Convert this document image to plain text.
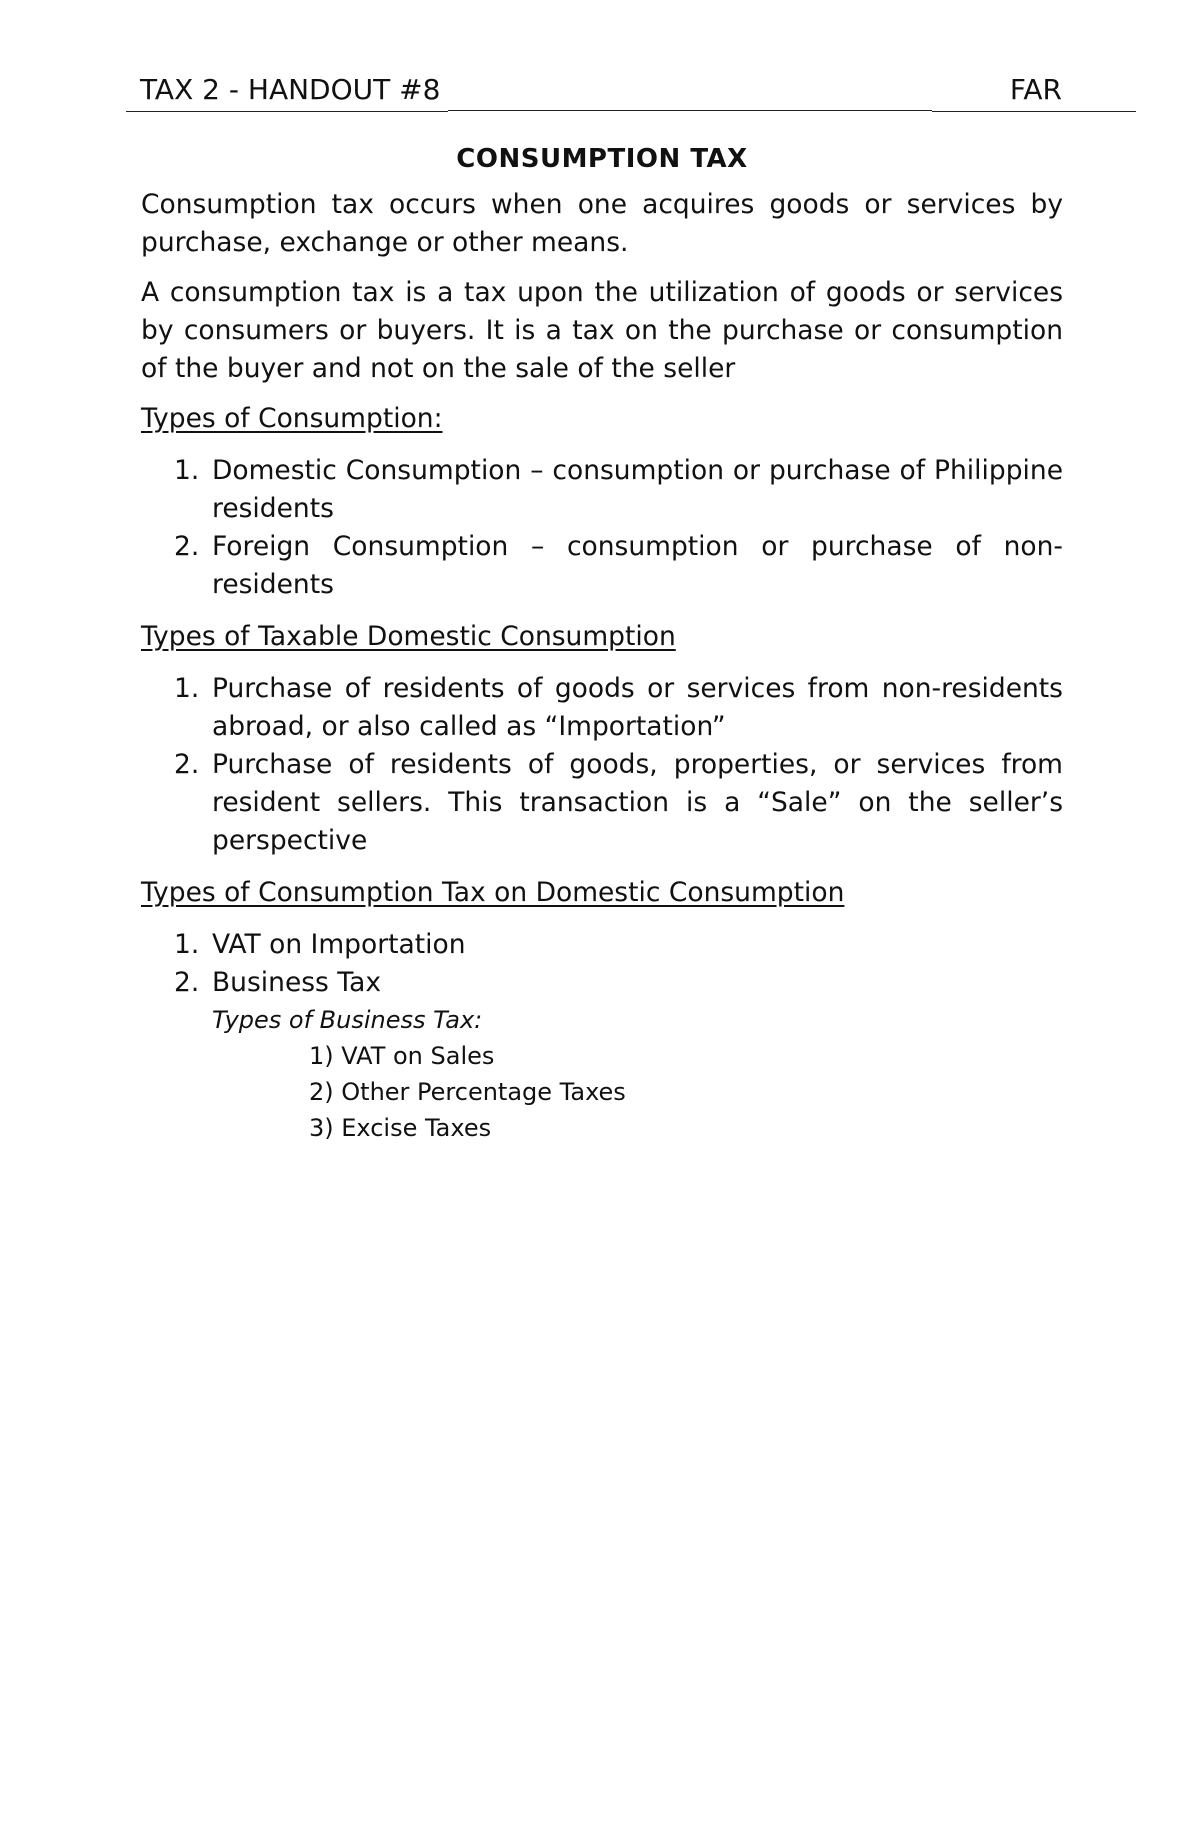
TAX 2 - HANDOUT #8	FAR
CONSUMPTION TAX

Consumption tax occurs when one acquires goods or services by purchase, exchange or other means.

A consumption tax is a tax upon the utilization of goods or services by consumers or buyers. It is a tax on the purchase or consumption of the buyer and not on the sale of the seller

Types of Consumption:
1. Domestic Consumption – consumption or purchase of Philippine residents
2. Foreign Consumption – consumption or purchase of non-residents
Types of Taxable Domestic Consumption
1. Purchase of residents of goods or services from non-residents abroad, or also called as “Importation”
2. Purchase of residents of goods, properties, or services from resident sellers. This transaction is a “Sale” on the seller’s perspective
Types of Consumption Tax on Domestic Consumption
1. VAT on Importation
2. Business Tax
Types of Business Tax:
1) VAT on Sales
2) Other Percentage Taxes
3) Excise Taxes
